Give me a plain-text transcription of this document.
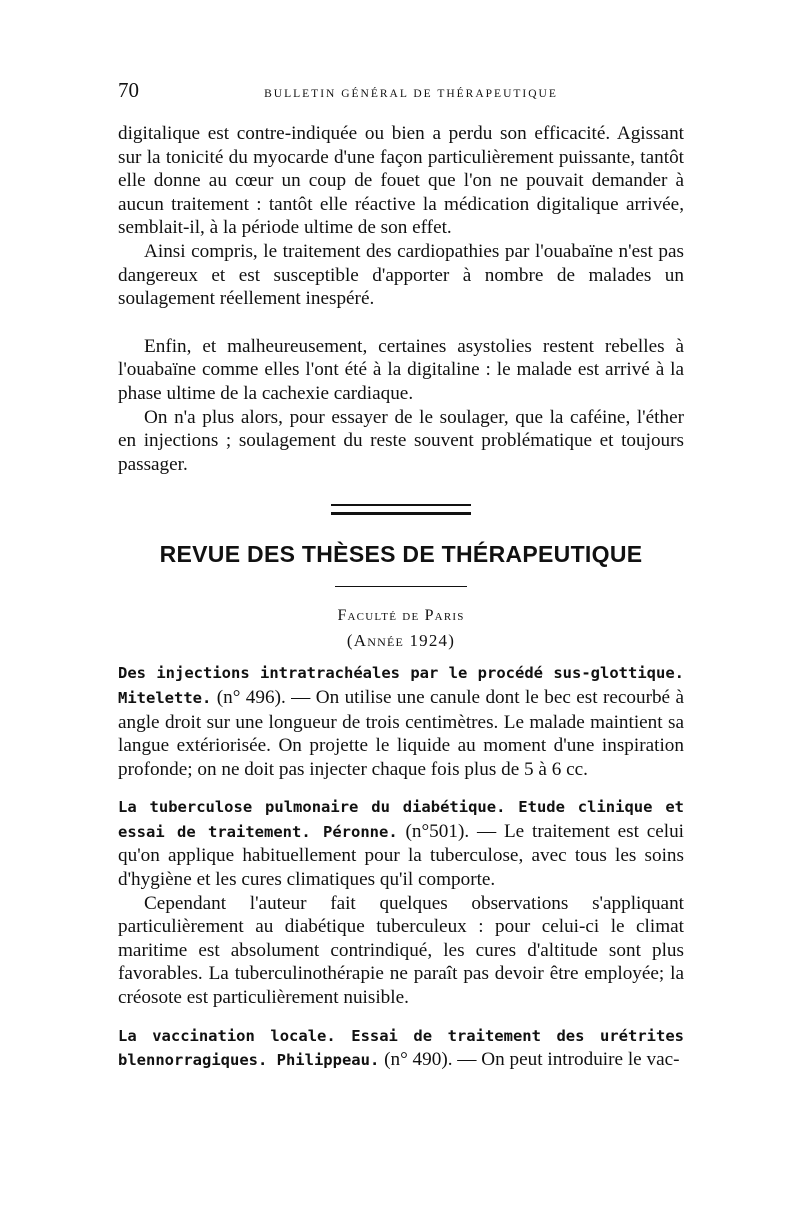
70	BULLETIN GÉNÉRAL DE THÉRAPEUTIQUE

digitalique est contre-indiquée ou bien a perdu son efficacité. Agissant sur la tonicité du myocarde d'une façon particulièrement puissante, tantôt elle donne au cœur un coup de fouet que l'on ne pouvait demander à aucun traitement : tantôt elle réactive la médication digitalique arrivée, semblait-il, à la période ultime de son effet.

Ainsi compris, le traitement des cardiopathies par l'ouabaïne n'est pas dangereux et est susceptible d'apporter à nombre de malades un soulagement réellement inespéré.

Enfin, et malheureusement, certaines asystolies restent rebelles à l'ouabaïne comme elles l'ont été à la digitaline : le malade est arrivé à la phase ultime de la cachexie cardiaque.

On n'a plus alors, pour essayer de le soulager, que la caféine, l'éther en injections ; soulagement du reste souvent problématique et toujours passager.

REVUE DES THÈSES DE THÉRAPEUTIQUE
Faculté de Paris
(Année 1924)

Des injections intratrachéales par le procédé sus-glottique. Mitelette. (n° 496). — On utilise une canule dont le bec est recourbé à angle droit sur une longueur de trois centimètres. Le malade maintient sa langue extériorisée. On projette le liquide au moment d'une inspiration profonde; on ne doit pas injecter chaque fois plus de 5 à 6 cc.

La tuberculose pulmonaire du diabétique. Etude clinique et essai de traitement. Péronne. (n°501). — Le traitement est celui qu'on applique habituellement pour la tuberculose, avec tous les soins d'hygiène et les cures climatiques qu'il comporte.

Cependant l'auteur fait quelques observations s'appliquant particulièrement au diabétique tuberculeux : pour celui-ci le climat maritime est absolument contrindiqué, les cures d'altitude sont plus favorables. La tuberculinothérapie ne paraît pas devoir être employée; la créosote est particulièrement nuisible.

La vaccination locale. Essai de traitement des urétrites blennorragiques. Philippeau. (n° 490). — On peut introduire le vac-
